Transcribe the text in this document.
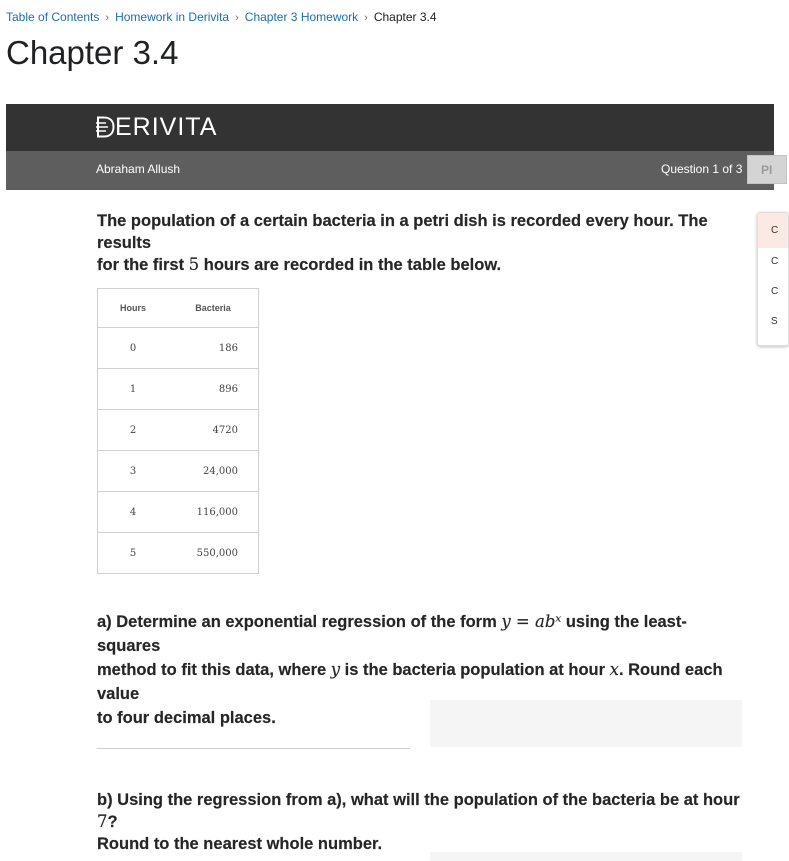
Table of Contents › Homework in Derivita › Chapter 3 Homework › Chapter 3.4
Chapter 3.4
ERIVITA
Abraham Allush	Question 1 of 3	PI
C
C
C
S
The population of a certain bacteria in a petri dish is recorded every hour. The results
for the first 5 hours are recorded in the table below.
Hours	Bacteria
0	186
1	896
2	4720
3	24,000
4	116,000
5	550,000
a) Determine an exponential regression of the form y = abˣ using the least-squares
method to fit this data, where y is the bacteria population at hour x. Round each value
to four decimal places.
b) Using the regression from a), what will the population of the bacteria be at hour 7?
Round to the nearest whole number.
